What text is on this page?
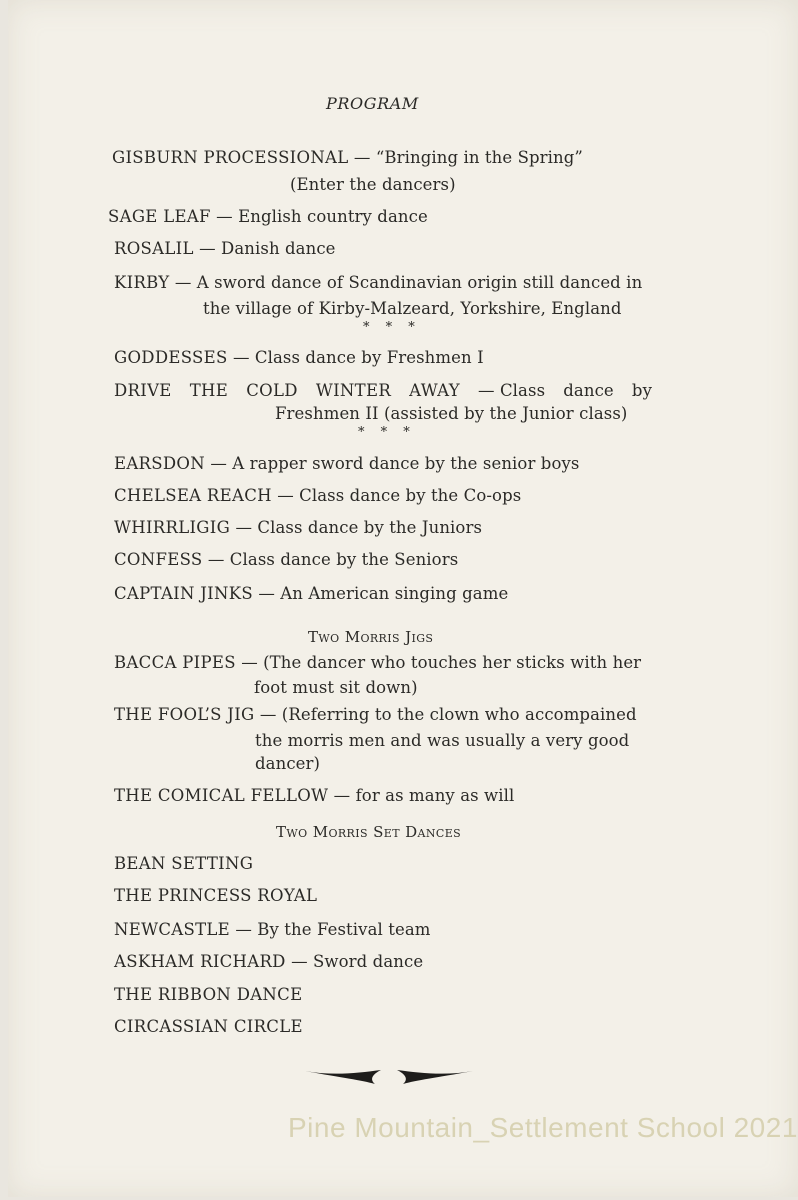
PROGRAM
GISBURN PROCESSIONAL — “Bringing in the Spring”
(Enter the dancers)
SAGE LEAF — English country dance
ROSALIL — Danish dance
KIRBY — A sword dance of Scandinavian origin still danced in
the village of Kirby-Malzeard, Yorkshire, England
* * *
GODDESSES — Class dance by Freshmen I
DRIVE THE COLD WINTER AWAY — Class dance by
Freshmen II (assisted by the Junior class)
* * *
EARSDON — A rapper sword dance by the senior boys
CHELSEA REACH — Class dance by the Co-ops
WHIRRLIGIG — Class dance by the Juniors
CONFESS — Class dance by the Seniors
CAPTAIN JINKS — An American singing game
Two Morris Jigs
BACCA PIPES — (The dancer who touches her sticks with her
foot must sit down)
THE FOOL’S JIG — (Referring to the clown who accompained
the morris men and was usually a very good
dancer)
THE COMICAL FELLOW — for as many as will
Two Morris Set Dances
BEAN SETTING
THE PRINCESS ROYAL
NEWCASTLE — By the Festival team
ASKHAM RICHARD — Sword dance
THE RIBBON DANCE
CIRCASSIAN CIRCLE
Pine Mountain_Settlement School 2021
